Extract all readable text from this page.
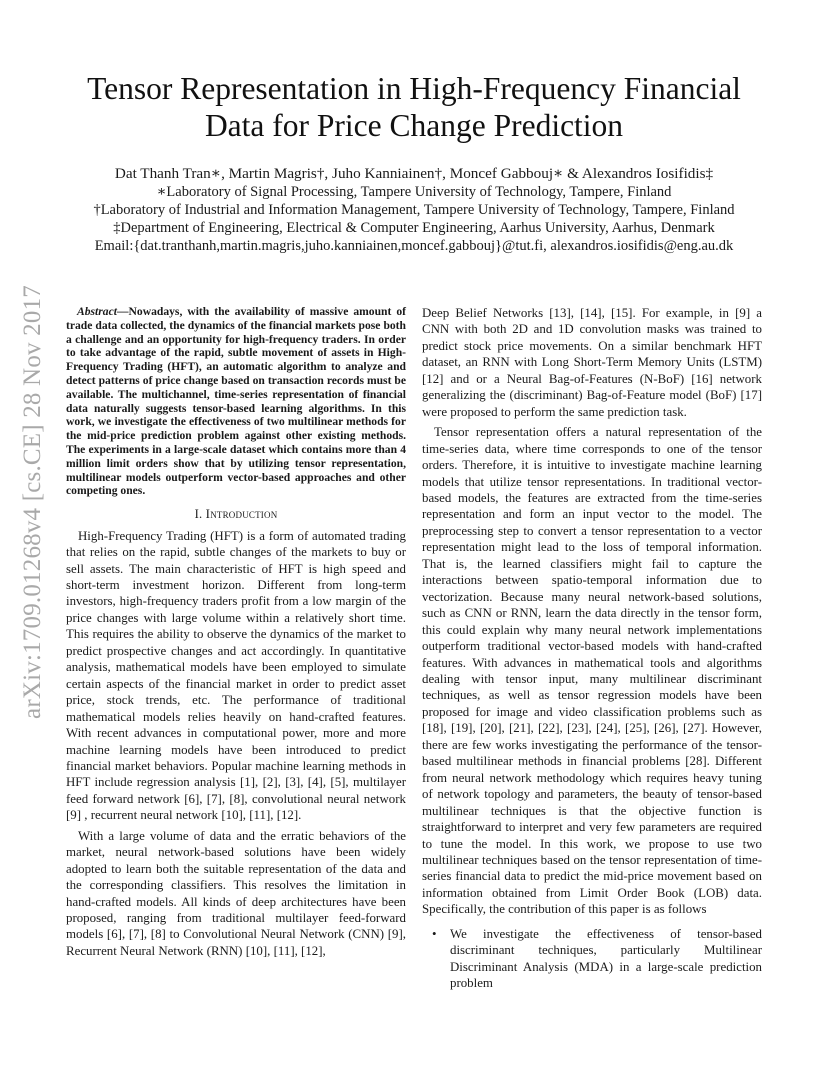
arXiv:1709.01268v4 [cs.CE] 28 Nov 2017
Tensor Representation in High-Frequency Financial
Data for Price Change Prediction
Dat Thanh Tran∗, Martin Magris†, Juho Kanniainen†, Moncef Gabbouj∗ & Alexandros Iosifidis‡
∗Laboratory of Signal Processing, Tampere University of Technology, Tampere, Finland
†Laboratory of Industrial and Information Management, Tampere University of Technology, Tampere, Finland
‡Department of Engineering, Electrical & Computer Engineering, Aarhus University, Aarhus, Denmark
Email:{dat.tranthanh,martin.magris,juho.kanniainen,moncef.gabbouj}@tut.fi, alexandros.iosifidis@eng.au.dk

Abstract—Nowadays, with the availability of massive amount of trade data collected, the dynamics of the financial markets pose both a challenge and an opportunity for high-frequency traders. In order to take advantage of the rapid, subtle movement of assets in High-Frequency Trading (HFT), an automatic algorithm to analyze and detect patterns of price change based on transaction records must be available. The multichannel, time-series representation of financial data naturally suggests tensor-based learning algorithms. In this work, we investigate the effectiveness of two multilinear methods for the mid-price prediction problem against other existing methods. The experiments in a large-scale dataset which contains more than 4 million limit orders show that by utilizing tensor representation, multilinear models outperform vector-based approaches and other competing ones.

I. Introduction

High-Frequency Trading (HFT) is a form of automated trading that relies on the rapid, subtle changes of the markets to buy or sell assets. The main characteristic of HFT is high speed and short-term investment horizon. Different from long-term investors, high-frequency traders profit from a low margin of the price changes with large volume within a relatively short time. This requires the ability to observe the dynamics of the market to predict prospective changes and act accordingly. In quantitative analysis, mathematical models have been employed to simulate certain aspects of the financial market in order to predict asset price, stock trends, etc. The performance of traditional mathematical models relies heavily on hand-crafted features. With recent advances in computational power, more and more machine learning models have been introduced to predict financial market behaviors. Popular machine learning methods in HFT include regression analysis [1], [2], [3], [4], [5], multilayer feed forward network [6], [7], [8], convolutional neural network [9] , recurrent neural network [10], [11], [12].

With a large volume of data and the erratic behaviors of the market, neural network-based solutions have been widely adopted to learn both the suitable representation of the data and the corresponding classifiers. This resolves the limitation in hand-crafted models. All kinds of deep architectures have been proposed, ranging from traditional multilayer feed-forward models [6], [7], [8] to Convolutional Neural Network (CNN) [9], Recurrent Neural Network (RNN) [10], [11], [12],

Deep Belief Networks [13], [14], [15]. For example, in [9] a CNN with both 2D and 1D convolution masks was trained to predict stock price movements. On a similar benchmark HFT dataset, an RNN with Long Short-Term Memory Units (LSTM) [12] and or a Neural Bag-of-Features (N-BoF) [16] network generalizing the (discriminant) Bag-of-Feature model (BoF) [17] were proposed to perform the same prediction task.

Tensor representation offers a natural representation of the time-series data, where time corresponds to one of the tensor orders. Therefore, it is intuitive to investigate machine learning models that utilize tensor representations. In traditional vector-based models, the features are extracted from the time-series representation and form an input vector to the model. The preprocessing step to convert a tensor representation to a vector representation might lead to the loss of temporal information. That is, the learned classifiers might fail to capture the interactions between spatio-temporal information due to vectorization. Because many neural network-based solutions, such as CNN or RNN, learn the data directly in the tensor form, this could explain why many neural network implementations outperform traditional vector-based models with hand-crafted features. With advances in mathematical tools and algorithms dealing with tensor input, many multilinear discriminant techniques, as well as tensor regression models have been proposed for image and video classification problems such as [18], [19], [20], [21], [22], [23], [24], [25], [26], [27]. However, there are few works investigating the performance of the tensor-based multilinear methods in financial problems [28]. Different from neural network methodology which requires heavy tuning of network topology and parameters, the beauty of tensor-based multilinear techniques is that the objective function is straightforward to interpret and very few parameters are required to tune the model. In this work, we propose to use two multilinear techniques based on the tensor representation of time-series financial data to predict the mid-price movement based on information obtained from Limit Order Book (LOB) data. Specifically, the contribution of this paper is as follows

• We investigate the effectiveness of tensor-based discriminant techniques, particularly Multilinear Discriminant Analysis (MDA) in a large-scale prediction problem
